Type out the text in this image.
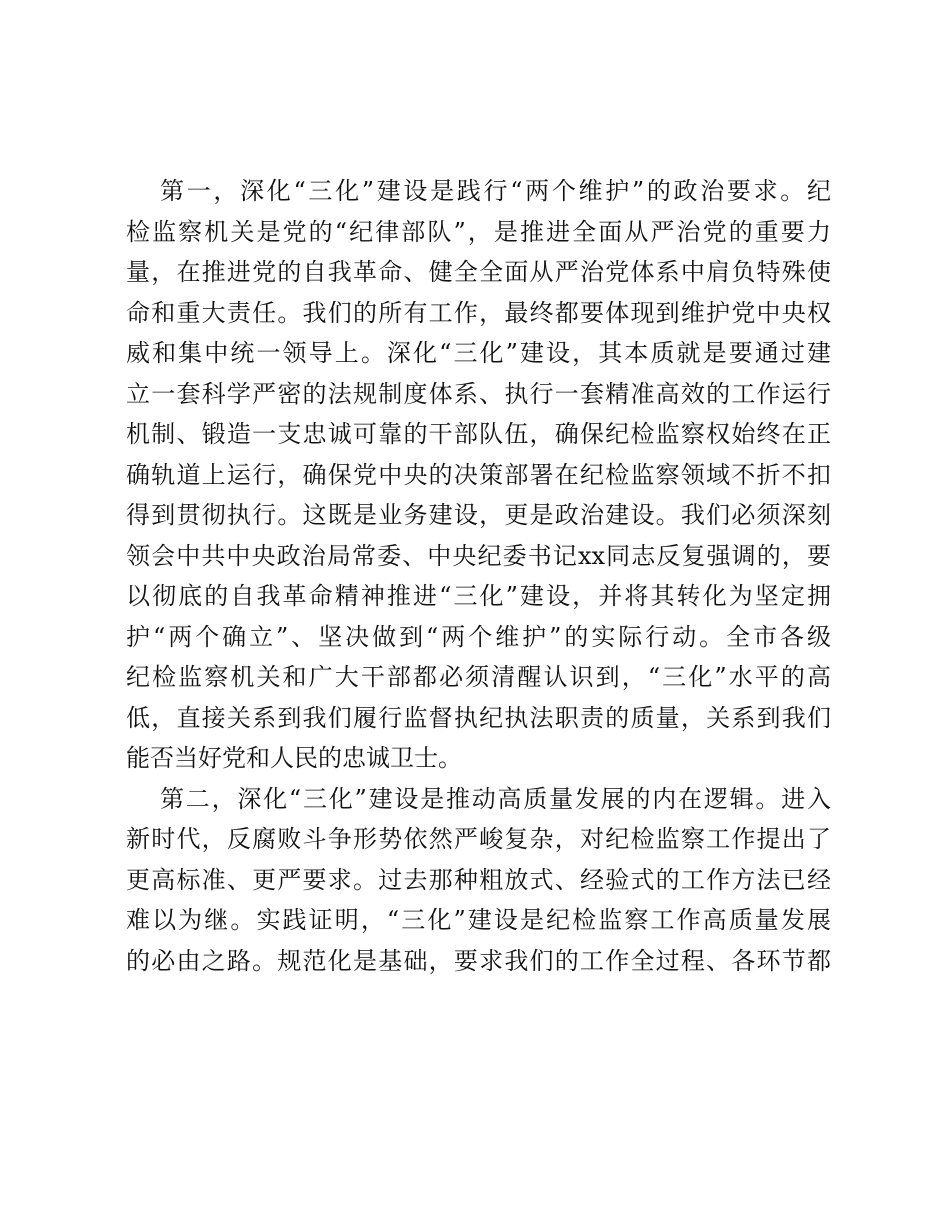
第一，深化“三化”建设是践行“两个维护”的政治要求。纪
检监察机关是党的“纪律部队”，是推进全面从严治党的重要力
量，在推进党的自我革命、健全全面从严治党体系中肩负特殊使
命和重大责任。我们的所有工作，最终都要体现到维护党中央权
威和集中统一领导上。深化“三化”建设，其本质就是要通过建
立一套科学严密的法规制度体系、执行一套精准高效的工作运行
机制、锻造一支忠诚可靠的干部队伍，确保纪检监察权始终在正
确轨道上运行，确保党中央的决策部署在纪检监察领域不折不扣
得到贯彻执行。这既是业务建设，更是政治建设。我们必须深刻
领会中共中央政治局常委、中央纪委书记xx同志反复强调的，要
以彻底的自我革命精神推进“三化”建设，并将其转化为坚定拥
护“两个确立”、坚决做到“两个维护”的实际行动。全市各级
纪检监察机关和广大干部都必须清醒认识到，“三化”水平的高
低，直接关系到我们履行监督执纪执法职责的质量，关系到我们
能否当好党和人民的忠诚卫士。
第二，深化“三化”建设是推动高质量发展的内在逻辑。进入
新时代，反腐败斗争形势依然严峻复杂，对纪检监察工作提出了
更高标准、更严要求。过去那种粗放式、经验式的工作方法已经
难以为继。实践证明，“三化”建设是纪检监察工作高质量发展
的必由之路。规范化是基础，要求我们的工作全过程、各环节都
